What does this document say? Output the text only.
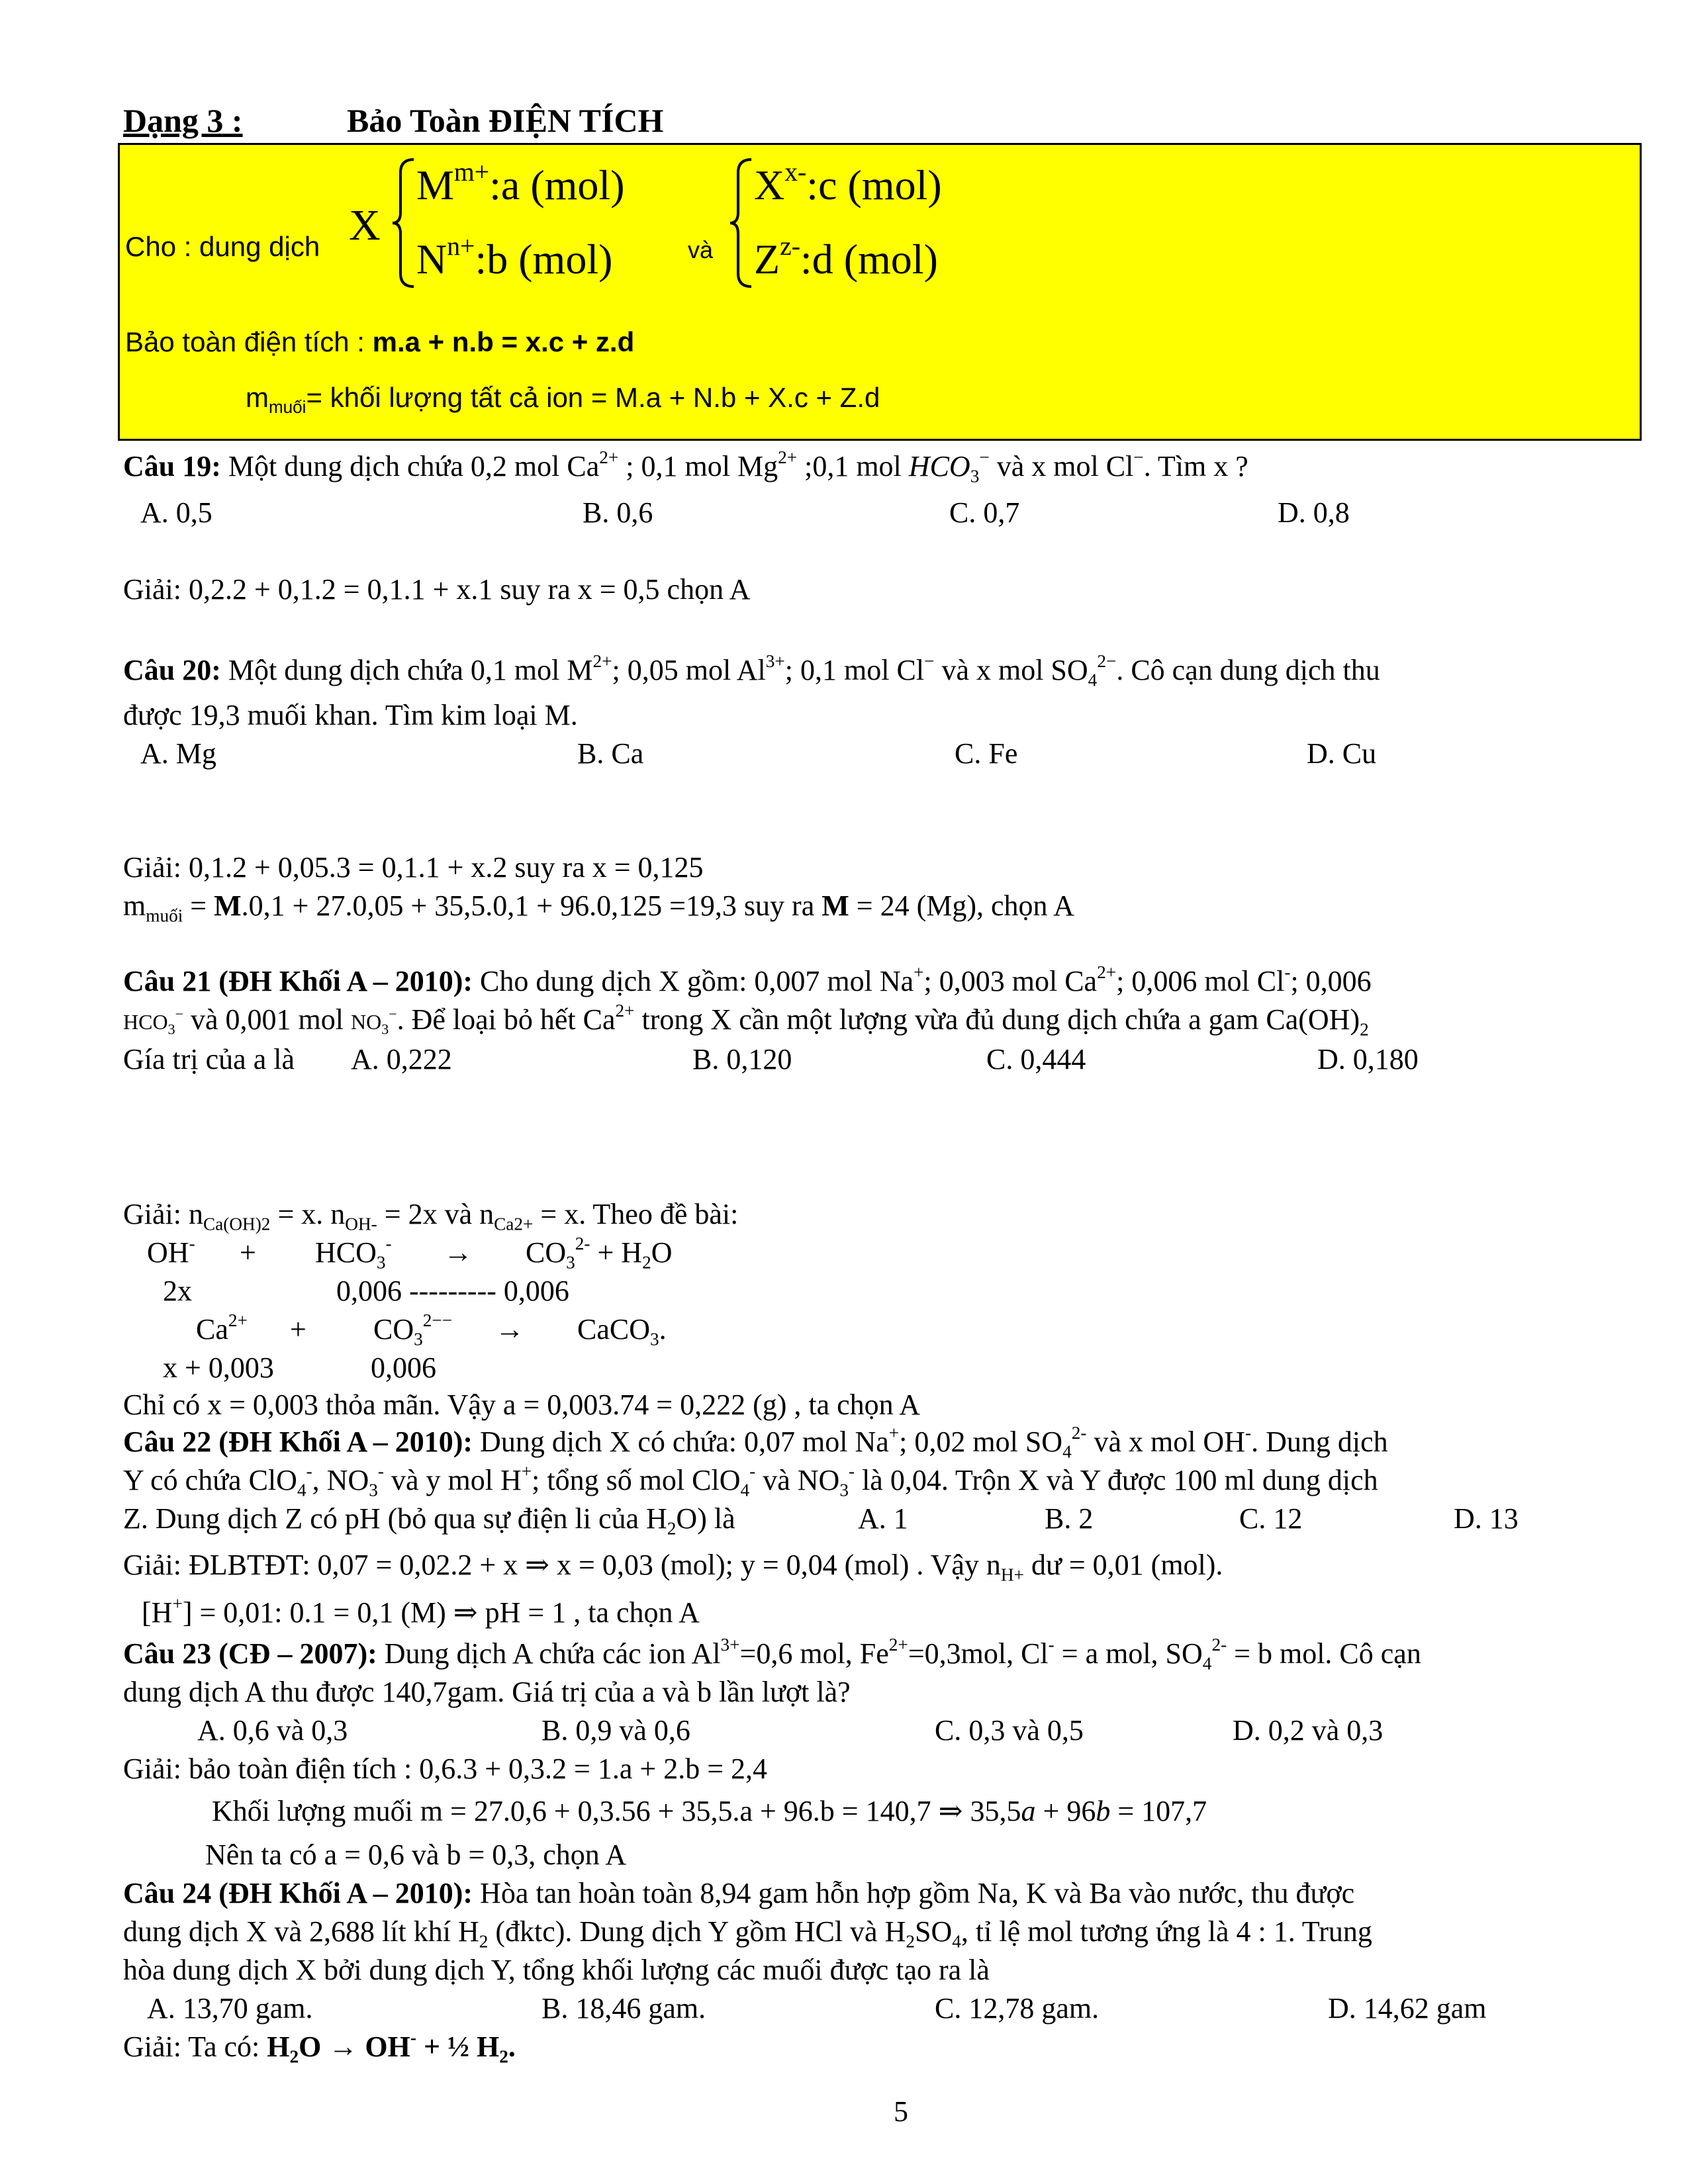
Dạng 3 :	Bảo Toàn ĐIỆN TÍCH
Cho : dung dịch X
$M^{m+}:a$ (mol)
$N^{n+}:b$ (mol)	và
$X^{x-}:c$ (mol)
$Z^{z-}:d$ (mol)
Bảo toàn điện tích : m.a + n.b = x.c + z.d
$m_{muối}=$ khối lượng tất cả ion = M.a + N.b + X.c + Z.d
Câu 19: Một dung dịch chứa 0,2 mol $Ca^{2+}$ ; 0,1 mol $Mg^{2+}$ ;0,1 mol $HCO_3^-$ và x mol Cl−. Tìm x ?
A. 0,5	B. 0,6	C. 0,7	D. 0,8
Giải: 0,2.2 + 0,1.2 = 0,1.1 + x.1 suy ra x = 0,5 chọn A
Câu 20: Một dung dịch chứa 0,1 mol $M^{2+}$; 0,05 mol $Al^{3+}$; 0,1 mol Cl− và x mol $SO_4^{2-}$. Cô cạn dung dịch thu
được 19,3 muối khan. Tìm kim loại M.
A. Mg	B. Ca	C. Fe	D. Cu
Giải: 0,1.2 + 0,05.3 = 0,1.1 + x.2 suy ra x = 0,125
$m_{muối} = M.0,1 + 27.0,05 + 35,5.0,1 + 96.0,125 =19,3$ suy ra M = 24 (Mg), chọn A
Câu 21 (ĐH Khối A – 2010): Cho dung dịch X gồm: 0,007 mol Na+; 0,003 mol $Ca^{2+}$; 0,006 mol Cl-; 0,006
$HCO_3^-$ và 0,001 mol $NO_3^-$. Để loại bỏ hết $Ca^{2+}$ trong X cần một lượng vừa đủ dung dịch chứa a gam $Ca(OH)_2$
Gía trị của a là A. 0,222	B. 0,120	C. 0,444	D. 0,180
Giải: $n_{Ca(OH)2} = x$. $n_{OH-} = 2x$ và $n_{Ca2+} = x$. Theo đề bài:
$OH^- + HCO_3^- \to CO_3^{2-} + H_2O$
2x	0,006 --------- 0,006
$Ca^{2+} + CO_3^{2--}$ → CaCO$_3$.
x + 0,003	0,006
Chỉ có x = 0,003 thỏa mãn. Vậy a = 0,003.74 = 0,222 (g) , ta chọn A
Câu 22 (ĐH Khối A – 2010): Dung dịch X có chứa: 0,07 mol Na+; 0,02 mol $SO_4^{2-}$ và x mol OH-. Dung dịch
Y có chứa ClO$_4$-, $NO_3^-$ và y mol H+; tổng số mol ClO$_4$- và $NO_3^-$ là 0,04. Trộn X và Y được 100 ml dung dịch
Z. Dung dịch Z có pH (bỏ qua sự điện li của $H_2O$) là	A. 1	B. 2	C. 12	D. 13
Giải: ĐLBTĐT: 0,07 = 0,02.2 + x ⇒ x = 0,03 (mol); y = 0,04 (mol) . Vậy $n_{H+}$ dư = 0,01 (mol).
[H+] = 0,01: 0.1 = 0,1 (M) ⇒ pH = 1 , ta chọn A
Câu 23 (CĐ – 2007): Dung dịch A chứa các ion $Al^{3+}=0,6$ mol, $Fe^{2+}=0,3mol$, Cl- = a mol, $SO_4^{2-} = b$ mol. Cô cạn
dung dịch A thu được 140,7gam. Giá trị của a và b lần lượt là?
A. 0,6 và 0,3	B. 0,9 và 0,6	C. 0,3 và 0,5	D. 0,2 và 0,3
Giải: bảo toàn điện tích : 0,6.3 + 0,3.2 = 1.a + 2.b = 2,4
Khối lượng muối m = 27.0,6 + 0,3.56 + 35,5.a + 96.b = 140,7 ⇒ 35,5a + 96b = 107,7
Nên ta có a = 0,6 và b = 0,3, chọn A
Câu 24 (ĐH Khối A – 2010): Hòa tan hoàn toàn 8,94 gam hỗn hợp gồm Na, K và Ba vào nước, thu được
dung dịch X và 2,688 lít khí $H_2$ (đktc). Dung dịch Y gồm HCl và $H_2SO_4$, tỉ lệ mol tương ứng là 4 : 1. Trung
hòa dung dịch X bởi dung dịch Y, tổng khối lượng các muối được tạo ra là
A. 13,70 gam.	B. 18,46 gam.	C. 12,78 gam.	D. 14,62 gam
Giải: Ta có: $H_2O \to OH^-$ + ½ $H_2$.
5
